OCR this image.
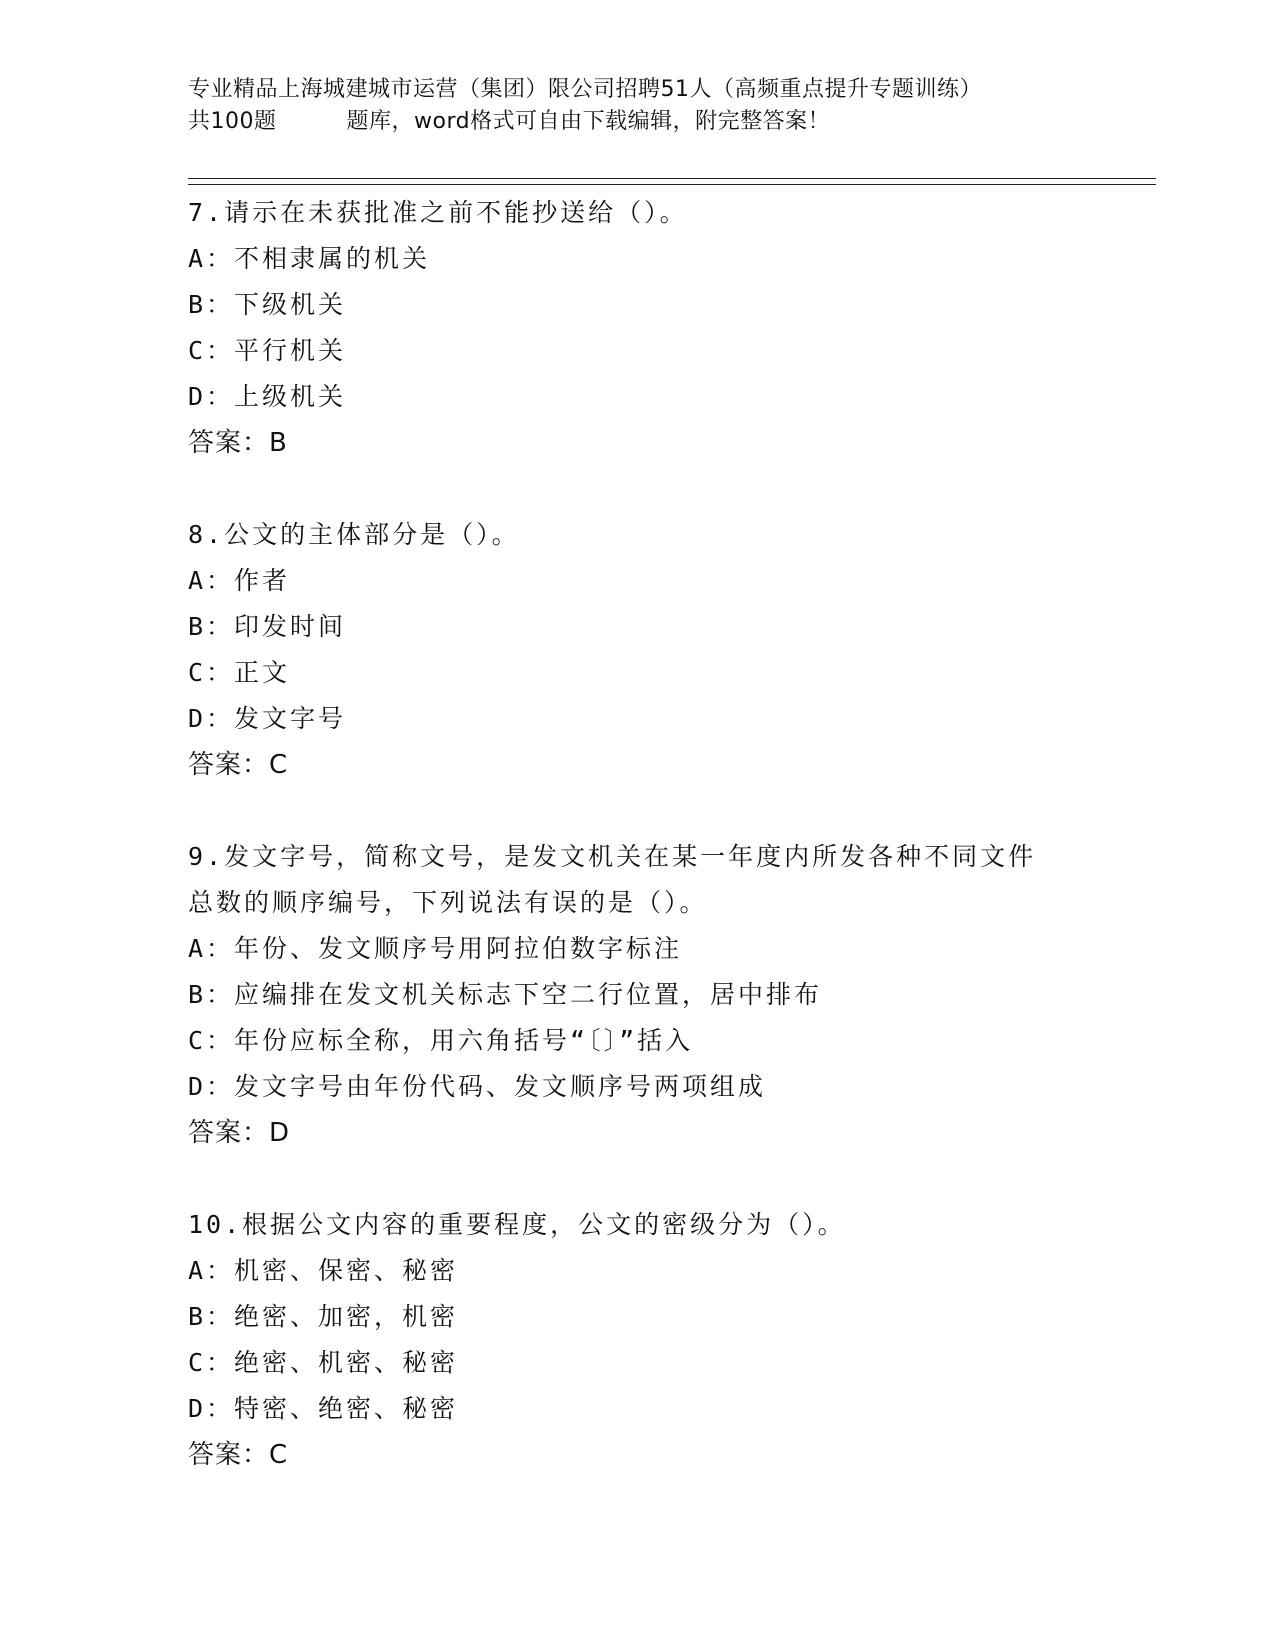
专业精品上海城建城市运营（集团）限公司招聘51人（高频重点提升专题训练）
共100题	题库，word格式可自由下载编辑，附完整答案！
7.请示在未获批准之前不能抄送给（）。
A：不相隶属的机关
B：下级机关
C：平行机关
D：上级机关
答案：B
8.公文的主体部分是（）。
A：作者
B：印发时间
C：正文
D：发文字号
答案：C
9.发文字号，简称文号，是发文机关在某一年度内所发各种不同文件
总数的顺序编号，下列说法有误的是（）。
A：年份、发文顺序号用阿拉伯数字标注
B：应编排在发文机关标志下空二行位置，居中排布
C：年份应标全称，用六角括号“〔〕”括入
D：发文字号由年份代码、发文顺序号两项组成
答案：D
10.根据公文内容的重要程度，公文的密级分为（）。
A：机密、保密、秘密
B：绝密、加密，机密
C：绝密、机密、秘密
D：特密、绝密、秘密
答案：C
